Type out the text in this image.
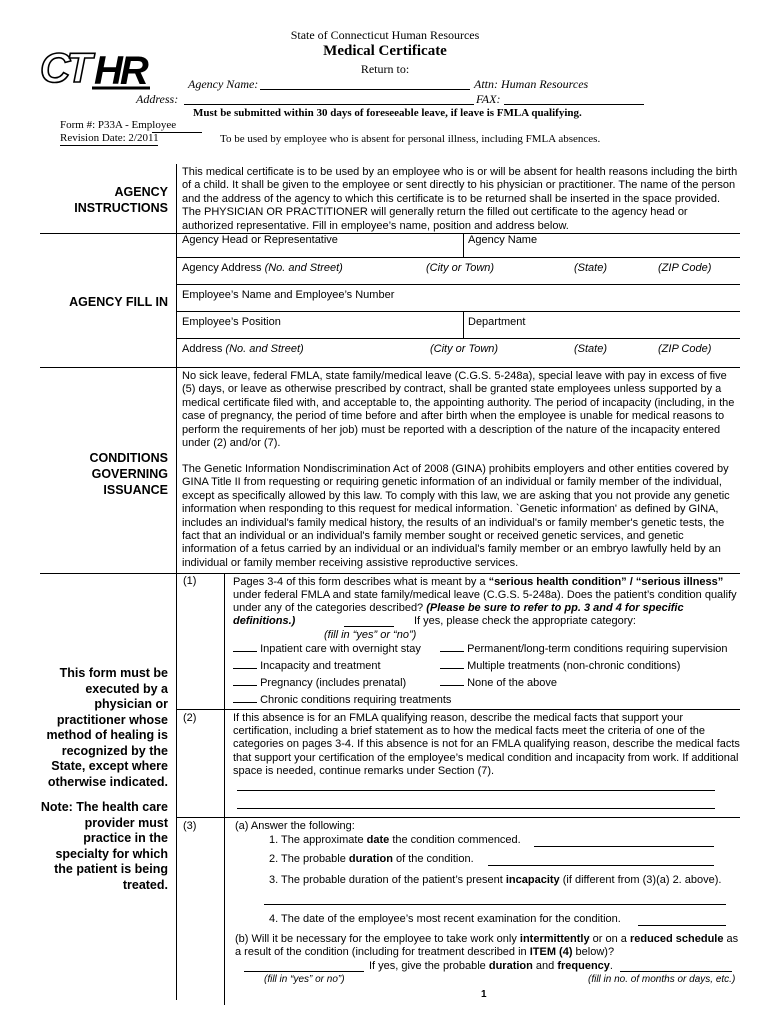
CT HR
State of Connecticut Human Resources
Medical Certificate
Return to:
Agency Name:	Attn: Human Resources
Address:	FAX:
Must be submitted within 30 days of foreseeable leave, if leave is FMLA qualifying.
Form #: P33A - Employee
Revision Date: 2/2011	To be used by employee who is absent for personal illness, including FMLA absences.
AGENCY INSTRUCTIONS
This medical certificate is to be used by an employee who is or will be absent for health reasons including the birth of a child. It shall be given to the employee or sent directly to his physician or practitioner. The name of the person and the address of the agency to which this certificate is to be returned shall be inserted in the space provided. The PHYSICIAN OR PRACTITIONER will generally return the filled out certificate to the agency head or authorized representative. Fill in employee’s name, position and address below.
AGENCY FILL IN
Agency Head or Representative	Agency Name
Agency Address (No. and Street)	(City or Town)	(State)	(ZIP Code)
Employee’s Name and Employee’s Number
Employee’s Position	Department
Address (No. and Street)	(City or Town)	(State)	(ZIP Code)
CONDITIONS GOVERNING ISSUANCE
No sick leave, federal FMLA, state family/medical leave (C.G.S. 5-248a), special leave with pay in excess of five (5) days, or leave as otherwise prescribed by contract, shall be granted state employees unless supported by a medical certificate filed with, and acceptable to, the appointing authority. The period of incapacity (including, in the case of pregnancy, the period of time before and after birth when the employee is unable for medical reasons to perform the requirements of her job) must be reported with a description of the nature of the incapacity entered under (2) and/or (7).
The Genetic Information Nondiscrimination Act of 2008 (GINA) prohibits employers and other entities covered by GINA Title II from requesting or requiring genetic information of an individual or family member of the individual, except as specifically allowed by this law. To comply with this law, we are asking that you not provide any genetic information when responding to this request for medical information. `Genetic information' as defined by GINA, includes an individual's family medical history, the results of an individual's or family member's genetic tests, the fact that an individual or an individual's family member sought or received genetic services, and genetic information of a fetus carried by an individual or an individual's family member or an embryo lawfully held by an individual or family member receiving assistive reproductive services.
This form must be executed by a physician or practitioner whose method of healing is recognized by the State, except where otherwise indicated.
Note: The health care provider must practice in the specialty for which the patient is being treated.
(1)	Pages 3-4 of this form describes what is meant by a “serious health condition” / “serious illness” under federal FMLA and state family/medical leave (C.G.S. 5-248a). Does the patient’s condition qualify under any of the categories described? (Please be sure to refer to pp. 3 and 4 for specific definitions.)	If yes, please check the appropriate category:
(fill in “yes” or “no”)
Inpatient care with overnight stay	Permanent/long-term conditions requiring supervision
Incapacity and treatment	Multiple treatments (non-chronic conditions)
Pregnancy (includes prenatal)	None of the above
Chronic conditions requiring treatments
(2)	If this absence is for an FMLA qualifying reason, describe the medical facts that support your certification, including a brief statement as to how the medical facts meet the criteria of one of the categories on pages 3-4. If this absence is not for an FMLA qualifying reason, describe the medical facts that support your certification of the employee’s medical condition and incapacity from work. If additional space is needed, continue remarks under Section (7).
(3)	(a) Answer the following:
1. The approximate date the condition commenced.
2. The probable duration of the condition.
3. The probable duration of the patient’s present incapacity (if different from (3)(a) 2. above).
4. The date of the employee’s most recent examination for the condition.
(b) Will it be necessary for the employee to take work only intermittently or on a reduced schedule as a result of the condition (including for treatment described in ITEM (4) below)?
If yes, give the probable duration and frequency.
(fill in “yes” or no”)	(fill in no. of months or days, etc.)
1
